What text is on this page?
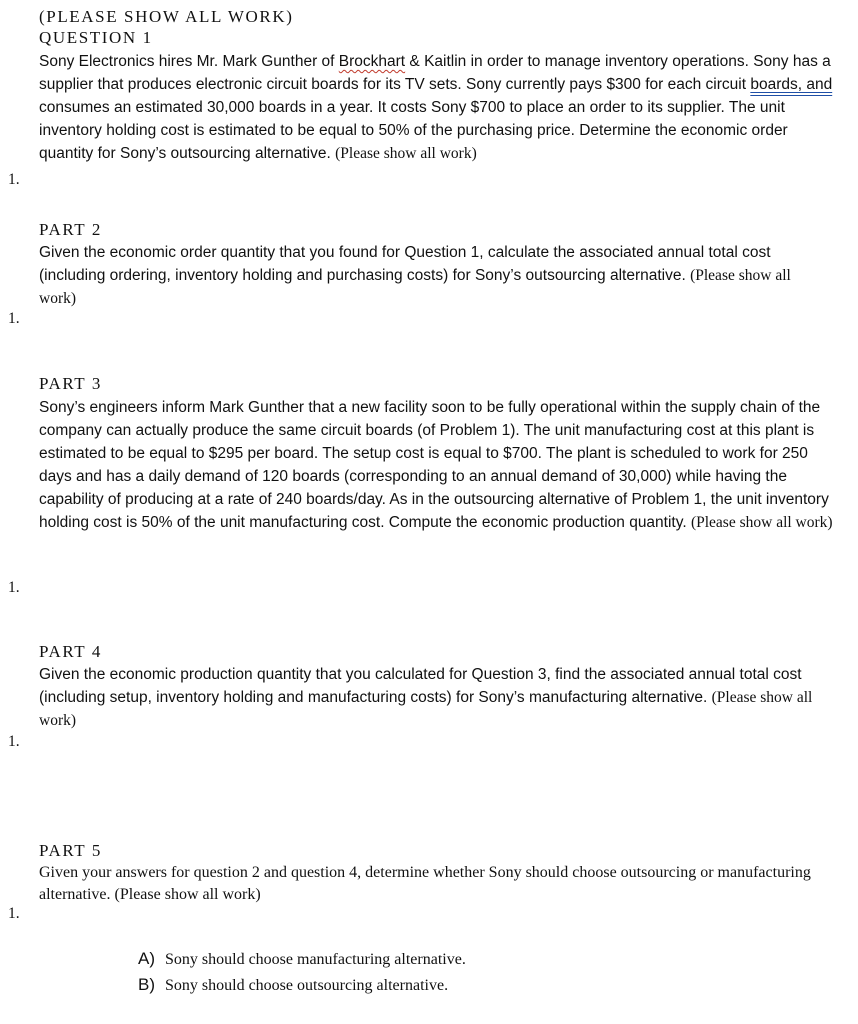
(PLEASE SHOW ALL WORK)
QUESTION 1

Sony Electronics hires Mr. Mark Gunther of Brockhart & Kaitlin in order to manage inventory operations. Sony has a supplier that produces electronic circuit boards for its TV sets. Sony currently pays $300 for each circuit boards, and consumes an estimated 30,000 boards in a year. It costs Sony $700 to place an order to its supplier. The unit inventory holding cost is estimated to be equal to 50% of the purchasing price. Determine the economic order quantity for Sony’s outsourcing alternative. (Please show all work)

1.
PART 2

Given the economic order quantity that you found for Question 1, calculate the associated annual total cost (including ordering, inventory holding and purchasing costs) for Sony’s outsourcing alternative. (Please show all work)

1.
PART 3

Sony’s engineers inform Mark Gunther that a new facility soon to be fully operational within the supply chain of the company can actually produce the same circuit boards (of Problem 1). The unit manufacturing cost at this plant is estimated to be equal to $295 per board. The setup cost is equal to $700. The plant is scheduled to work for 250 days and has a daily demand of 120 boards (corresponding to an annual demand of 30,000) while having the capability of producing at a rate of 240 boards/day. As in the outsourcing alternative of Problem 1, the unit inventory holding cost is 50% of the unit manufacturing cost. Compute the economic production quantity. (Please show all work)

1.
PART 4

Given the economic production quantity that you calculated for Question 3, find the associated annual total cost (including setup, inventory holding and manufacturing costs) for Sony’s manufacturing alternative. (Please show all work)

1.
PART 5

Given your answers for question 2 and question 4, determine whether Sony should choose outsourcing or manufacturing alternative. (Please show all work)

1.
A) Sony should choose manufacturing alternative.
B) Sony should choose outsourcing alternative.
